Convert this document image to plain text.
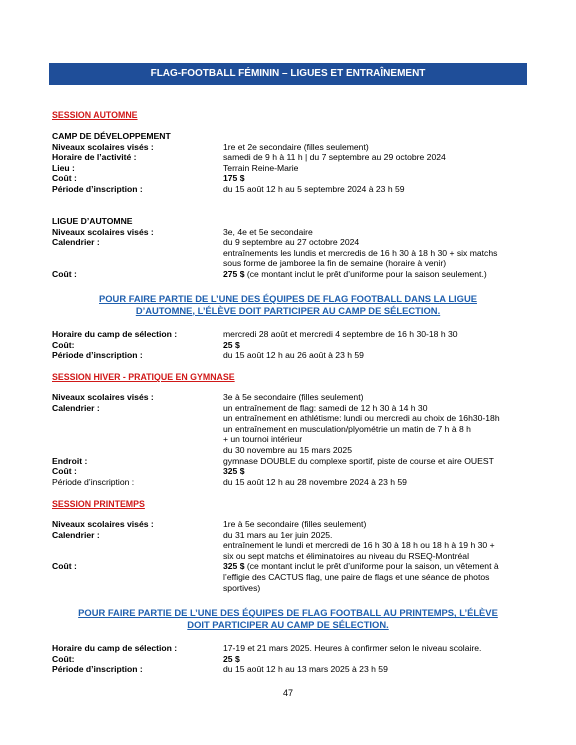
FLAG-FOOTBALL FÉMININ – LIGUES ET ENTRAÎNEMENT
SESSION AUTOMNE
CAMP DE DÉVELOPPEMENT
Niveaux scolaires visés :	1re et 2e secondaire (filles seulement)
Horaire de l’activité :	samedi de 9 h à 11 h | du 7 septembre au 29 octobre 2024
Lieu :	Terrain Reine-Marie
Coût :	175 $
Période d’inscription :	du 15 août 12 h au 5 septembre 2024 à 23 h 59
LIGUE D’AUTOMNE
Niveaux scolaires visés :	3e, 4e et 5e secondaire
Calendrier :	du 9 septembre au 27 octobre 2024
entraînements les lundis et mercredis de 16 h 30 à 18 h 30 + six matchs
sous forme de jamboree la fin de semaine (horaire à venir)
Coût :	275 $ (ce montant inclut le prêt d’uniforme pour la saison seulement.)
POUR FAIRE PARTIE DE L’UNE DES ÉQUIPES DE FLAG FOOTBALL DANS LA LIGUE
D’AUTOMNE, L’ÉLÈVE DOIT PARTICIPER AU CAMP DE SÉLECTION.
Horaire du camp de sélection :	mercredi 28 août et mercredi 4 septembre de 16 h 30-18 h 30
Coût:	25 $
Période d’inscription :	du 15 août 12 h au 26 août à 23 h 59
SESSION HIVER - PRATIQUE EN GYMNASE
Niveaux scolaires visés :	3e à 5e secondaire (filles seulement)
Calendrier :	un entraînement de flag: samedi de 12 h 30 à 14 h 30
un entraînement en athlétisme: lundi ou mercredi au choix de 16h30-18h
un entraînement en musculation/plyométrie un matin de 7 h à 8 h
+ un tournoi intérieur
du 30 novembre au 15 mars 2025
Endroit :	gymnase DOUBLE du complexe sportif, piste de course et aire OUEST
Coût :	325 $
Période d’inscription :	du 15 août 12 h au 28 novembre 2024 à 23 h 59
SESSION PRINTEMPS
Niveaux scolaires visés :	1re à 5e secondaire (filles seulement)
Calendrier :	du 31 mars au 1er juin 2025.
entraînement le lundi et mercredi de 16 h 30 à 18 h ou 18 h à 19 h 30 +
six ou sept matchs et éliminatoires au niveau du RSEQ-Montréal
Coût :	325 $ (ce montant inclut le prêt d’uniforme pour la saison, un vêtement à
l’effigie des CACTUS flag, une paire de flags et une séance de photos
sportives)
POUR FAIRE PARTIE DE L’UNE DES ÉQUIPES DE FLAG FOOTBALL AU PRINTEMPS, L’ÉLÈVE
DOIT PARTICIPER AU CAMP DE SÉLECTION.
Horaire du camp de sélection :	17-19 et 21 mars 2025. Heures à confirmer selon le niveau scolaire.
Coût:	25 $
Période d’inscription :	du 15 août 12 h au 13 mars 2025 à 23 h 59
47
